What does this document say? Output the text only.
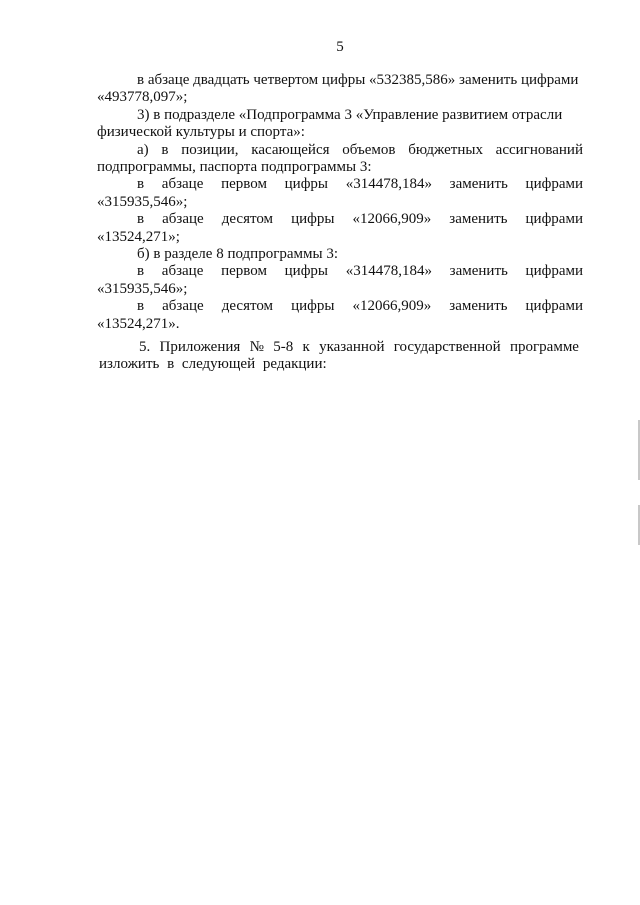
5
в абзаце двадцать четвертом цифры «532385,586» заменить цифрами
«493778,097»;
3) в подразделе «Подпрограмма 3 «Управление развитием отрасли
физической культуры и спорта»:
а) в позиции, касающейся объемов бюджетных ассигнований
подпрограммы, паспорта подпрограммы 3:
в абзаце первом цифры «314478,184» заменить цифрами
«315935,546»;
в абзаце десятом цифры «12066,909» заменить цифрами
«13524,271»;
б) в разделе 8 подпрограммы 3:
в абзаце первом цифры «314478,184» заменить цифрами
«315935,546»;
в абзаце десятом цифры «12066,909» заменить цифрами
«13524,271».
5. Приложения № 5-8 к указанной государственной программе
изложить в следующей редакции:
